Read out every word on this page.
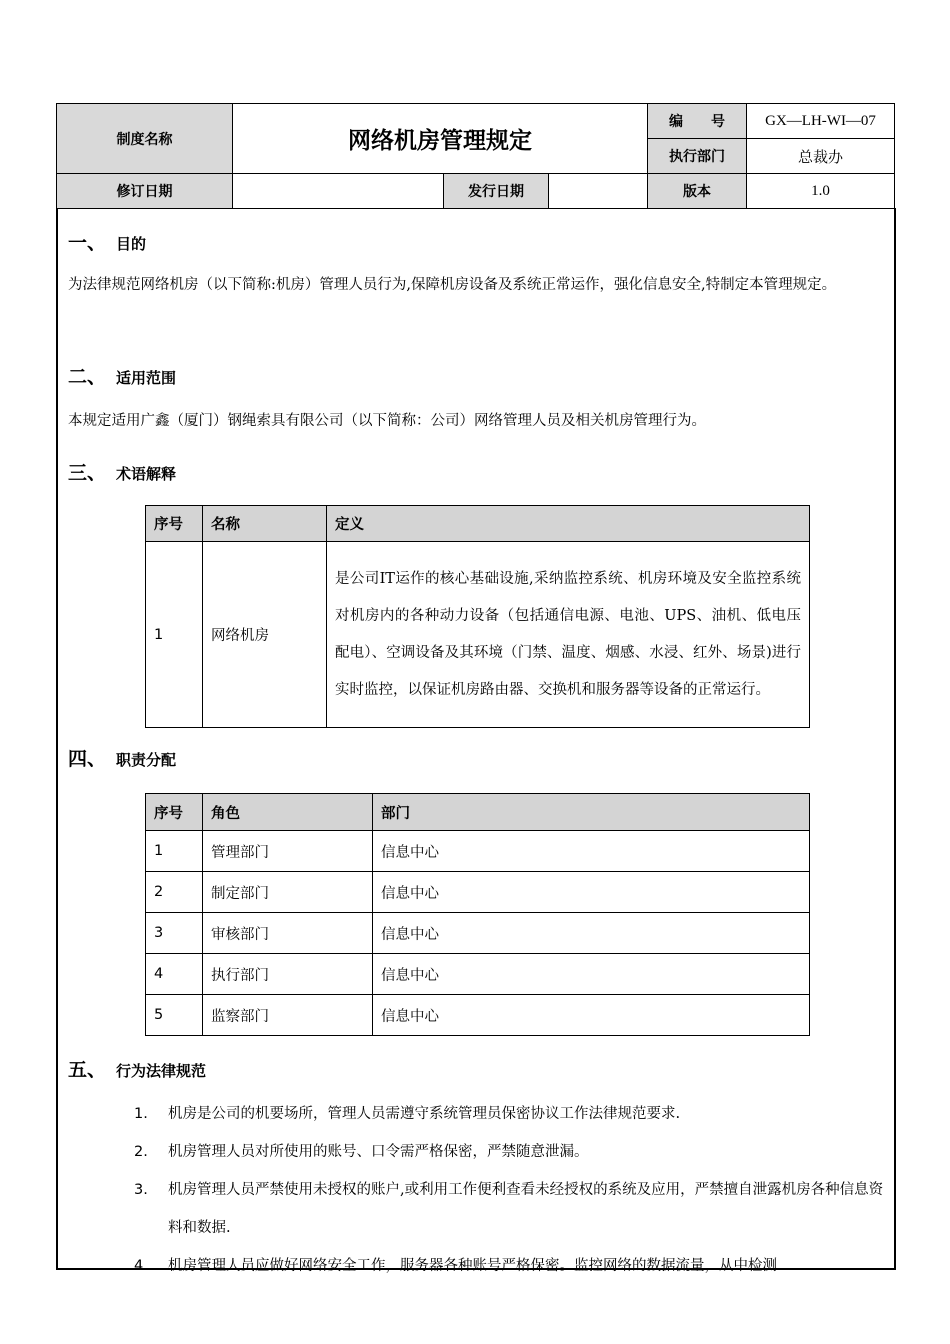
制度名称	网络机房管理规定			编　　号	GX—LH-WI—07
				执行部门	总裁办
修订日期		发行日期		版本	1.0
一、 目的
为法律规范网络机房（以下简称:机房）管理人员行为,保障机房设备及系统正常运作，强化信息安全,特制定本管理规定。
二、 适用范围
本规定适用广鑫（厦门）钢绳索具有限公司（以下简称：公司）网络管理人员及相关机房管理行为。
三、 术语解释
序号	名称	定义
1	网络机房	是公司IT运作的核心基础设施,采纳监控系统、机房环境及安全监控系统对机房内的各种动力设备（包括通信电源、电池、UPS、油机、低电压配电）、空调设备及其环境（门禁、温度、烟感、水浸、红外、场景)进行实时监控，以保证机房路由器、交换机和服务器等设备的正常运行。
四、 职责分配
序号	角色	部门
1	管理部门	信息中心
2	制定部门	信息中心
3	审核部门	信息中心
4	执行部门	信息中心
5	监察部门	信息中心
五、 行为法律规范
1. 机房是公司的机要场所，管理人员需遵守系统管理员保密协议工作法律规范要求.
2. 机房管理人员对所使用的账号、口令需严格保密，严禁随意泄漏。
3. 机房管理人员严禁使用未授权的账户,或利用工作便利查看未经授权的系统及应用，严禁擅自泄露机房各种信息资料和数据.
4. 机房管理人员应做好网络安全工作，服务器各种账号严格保密。监控网络的数据流量，从中检测
